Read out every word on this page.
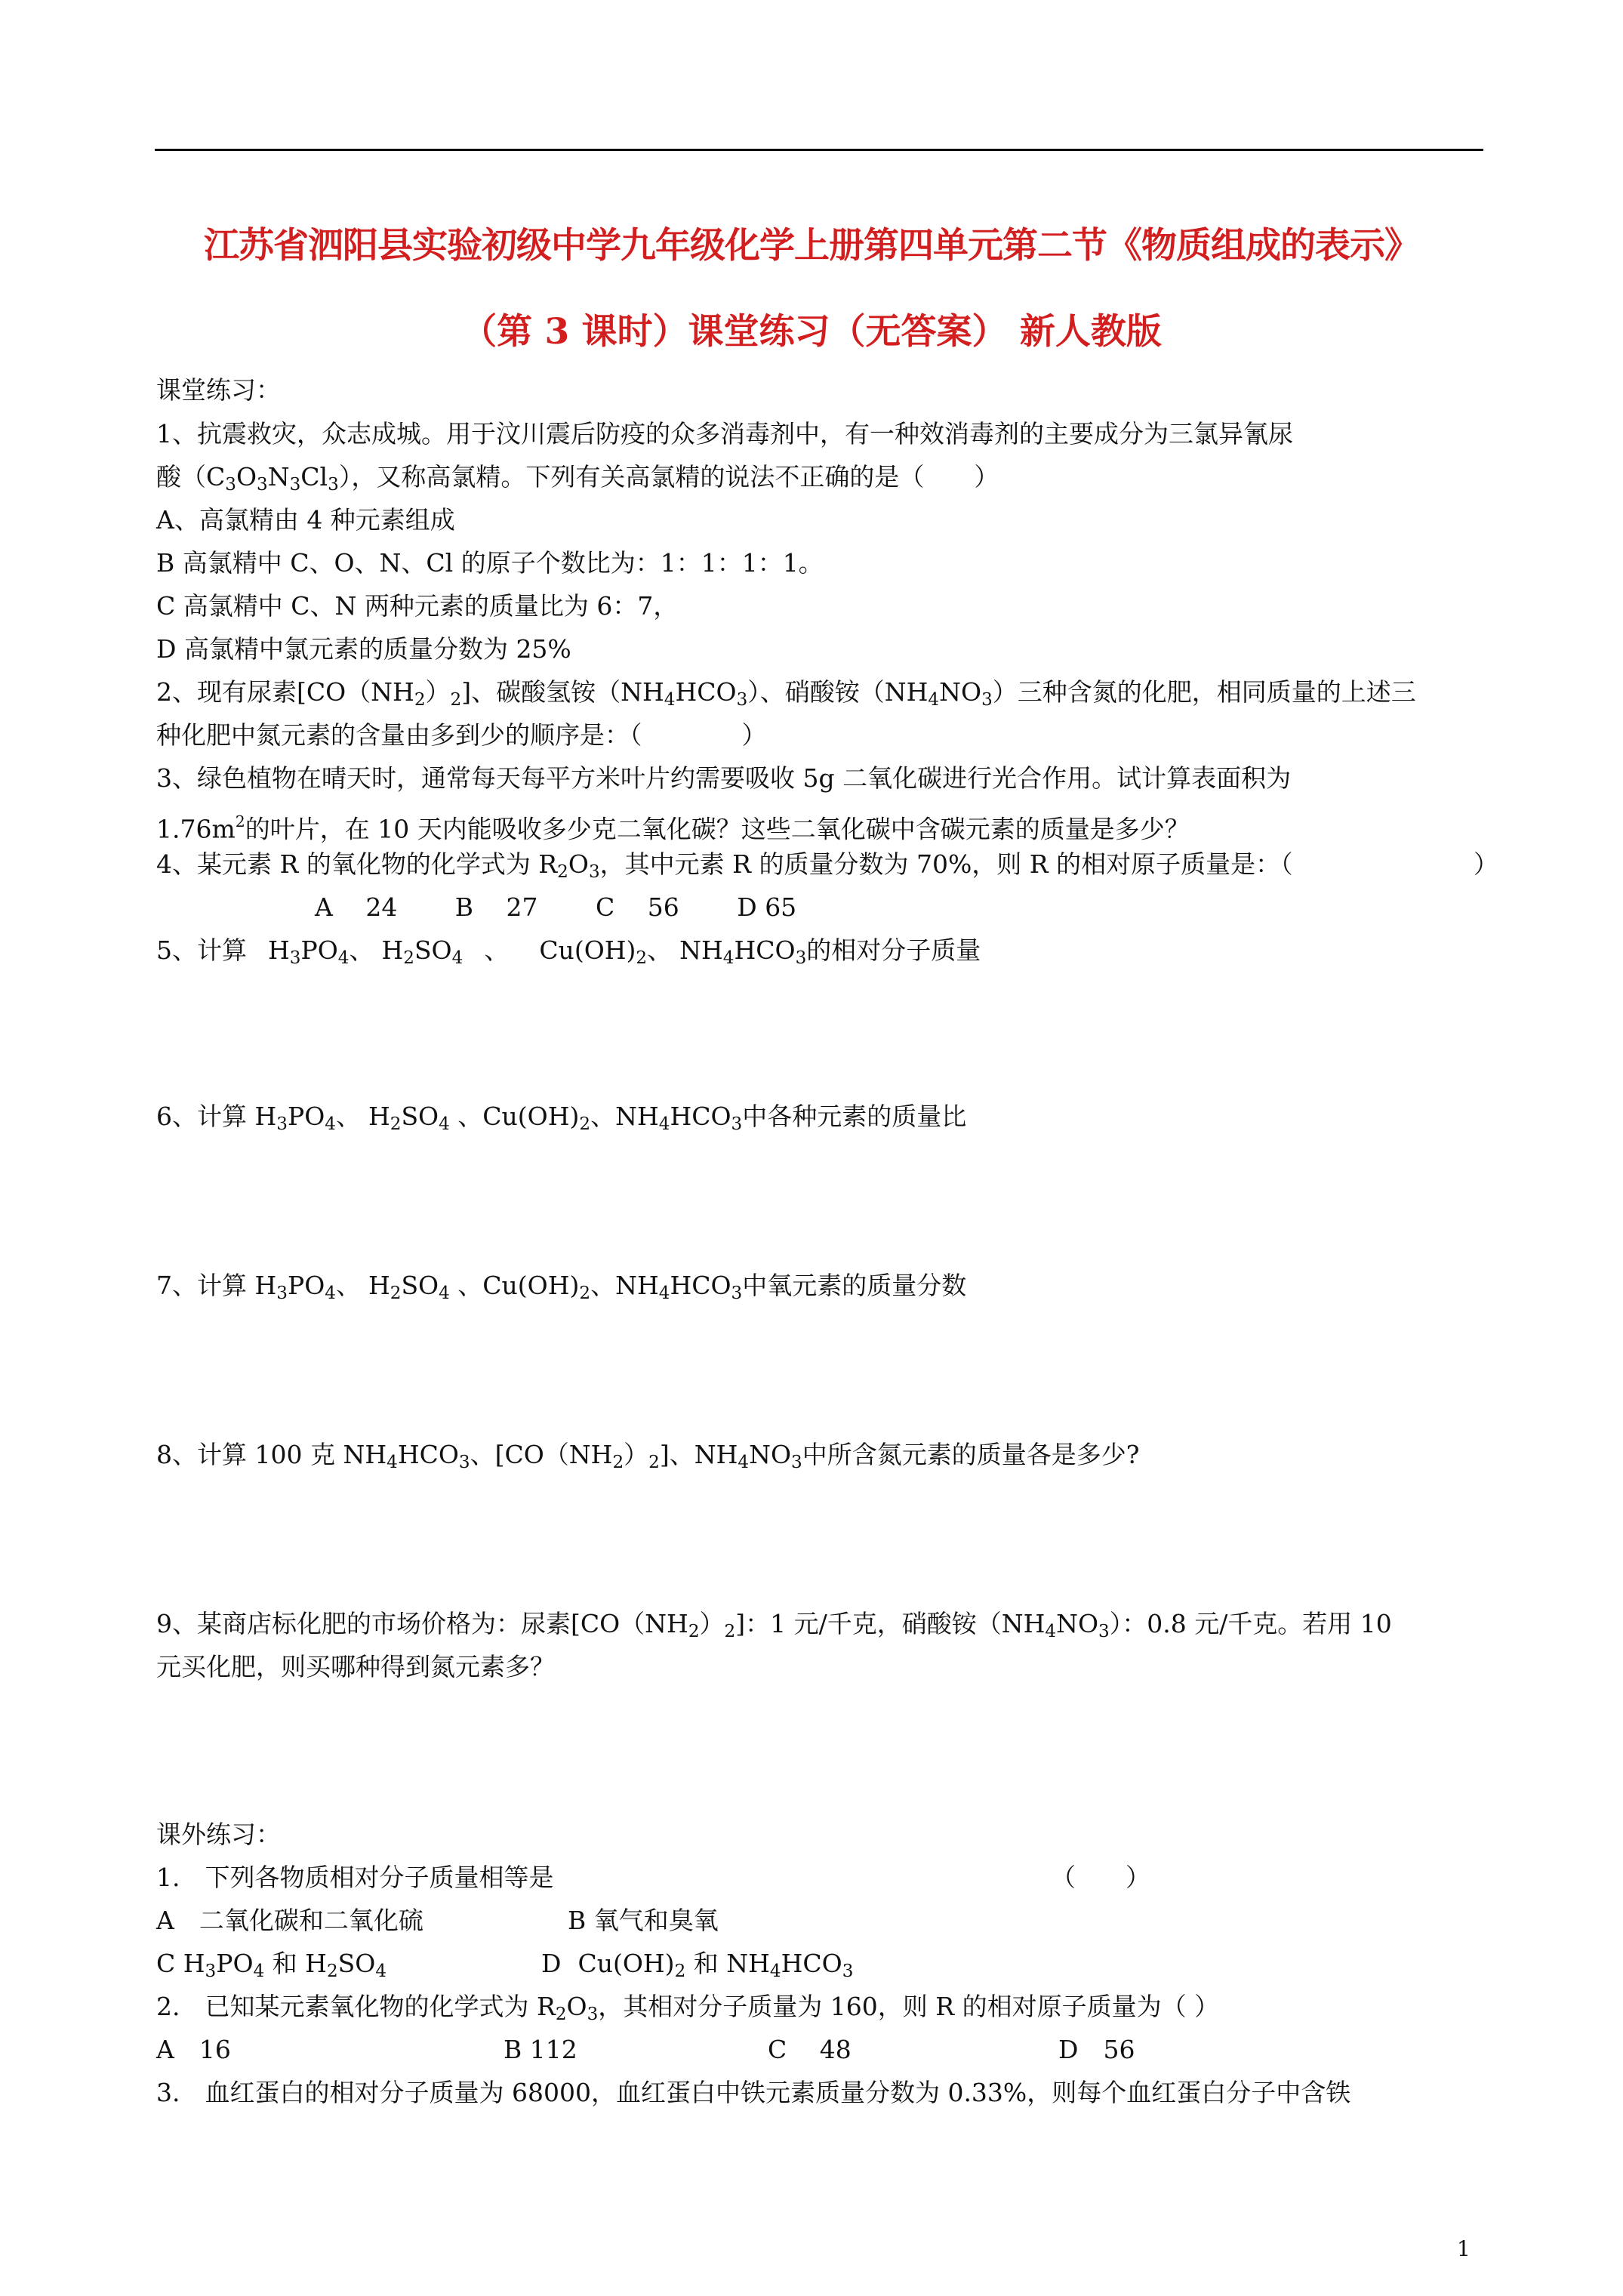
江苏省泗阳县实验初级中学九年级化学上册第四单元第二节《物质组成的表示》
（第 3 课时）课堂练习（无答案） 新人教版
课堂练习：
1、抗震救灾，众志成城。用于汶川震后防疫的众多消毒剂中，有一种效消毒剂的主要成分为三氯异氰尿
酸$(C_3O_3N_3Cl_3)$，又称高氯精。下列有关高氯精的说法不正确的是（　　）
A、高氯精由 4 种元素组成
B 高氯精中 C、O、N、Cl 的原子个数比为：1：1：1：1。
C 高氯精中 C、N 两种元素的质量比为 6：7，
D 高氯精中氯元素的质量分数为 25%
2、现有尿素$[CO(NH_2)_2]$、碳酸氢铵$(NH_4HCO_3)$、硝酸铵$(NH_4NO_3)$三种含氮的化肥，相同质量的上述三
种化肥中氮元素的含量由多到少的顺序是：（　　　　）
3、绿色植物在晴天时，通常每天每平方米叶片约需要吸收 5g 二氧化碳进行光合作用。试计算表面积为
$1.76m^2$的叶片，在 10 天内能吸收多少克二氧化碳？这些二氧化碳中含碳元素的质量是多少？
4、某元素 R 的氧化物的化学式为 $R_2O_3$，其中元素 R 的质量分数为 70%，则 R 的相对原子质量是：（	）
A　 24　　 B　 27　　 C　 56　　 D 65
5、计算 $H_3PO_4$、 $H_2SO_4$ 、 $Cu(OH)_2$、 $NH_4HCO_3$的相对分子质量
6、计算 $H_3PO_4$、 $H_2SO_4$ 、$Cu(OH)_2$、$NH_4HCO_3$中各种元素的质量比
7、计算 $H_3PO_4$、 $H_2SO_4$ 、$Cu(OH)_2$、$NH_4HCO_3$中氧元素的质量分数
8、计算 100 克 $NH_4HCO_3$、$[CO(NH_2)_2]$、$NH_4NO_3$中所含氮元素的质量各是多少?
9、某商店标化肥的市场价格为：尿素$[CO(NH_2)_2]$：1 元/千克，硝酸铵$(NH_4NO_3)$：0.8 元/千克。若用 10
元买化肥，则买哪种得到氮元素多？
课外练习：
1.　下列各物质相对分子质量相等是	（　　）
A　二氧化碳和二氧化硫	B 氧气和臭氧
C $H_3PO_4$ 和 $H_2SO_4$	D $Cu(OH)_2$ 和 $NH_4HCO_3$
2.　已知某元素氧化物的化学式为 $R_2O_3$，其相对分子质量为 160，则 R 的相对原子质量为（ ）
A　16	B 112	C　 48	D　56
3.　血红蛋白的相对分子质量为 68000，血红蛋白中铁元素质量分数为 0.33%，则每个血红蛋白分子中含铁
1
